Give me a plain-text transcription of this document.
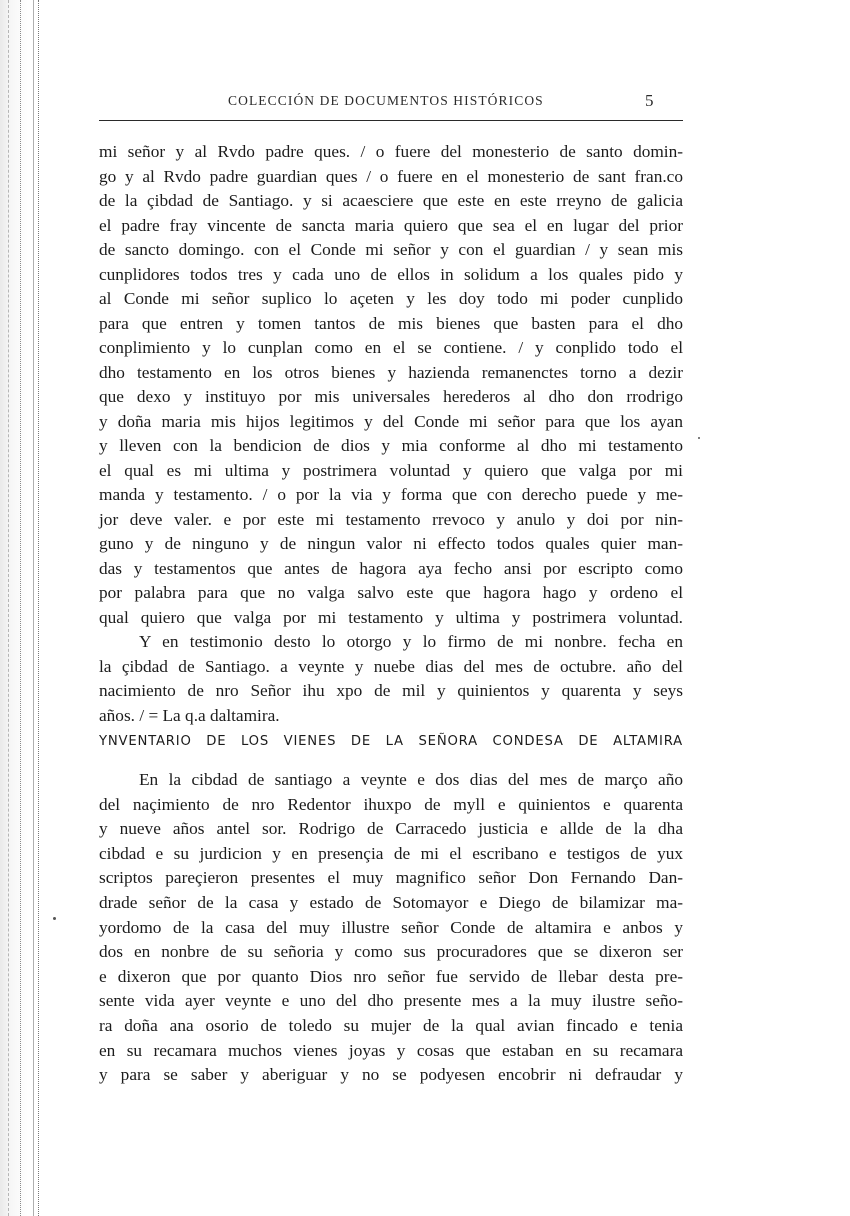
COLECCIÓN DE DOCUMENTOS HISTÓRICOS	5
mi señor y al Rvdo padre ques. / o fuere del monesterio de santo domin-
go y al Rvdo padre guardian ques / o fuere en el monesterio de sant fran.co
de la çibdad de Santiago. y si acaesciere que este en este rreyno de galicia
el padre fray vincente de sancta maria quiero que sea el en lugar del prior
de sancto domingo. con el Conde mi señor y con el guardian / y sean mis
cunplidores todos tres y cada uno de ellos in solidum a los quales pido y
al Conde mi señor suplico lo açeten y les doy todo mi poder cunplido
para que entren y tomen tantos de mis bienes que basten para el dho
conplimiento y lo cunplan como en el se contiene. / y conplido todo el
dho testamento en los otros bienes y hazienda remanenctes torno a dezir
que dexo y instituyo por mis universales herederos al dho don rrodrigo
y doña maria mis hijos legitimos y del Conde mi señor para que los ayan
y lleven con la bendicion de dios y mia conforme al dho mi testamento
el qual es mi ultima y postrimera voluntad y quiero que valga por mi
manda y testamento. / o por la via y forma que con derecho puede y me-
jor deve valer. e por este mi testamento rrevoco y anulo y doi por nin-
guno y de ninguno y de ningun valor ni effecto todos quales quier man-
das y testamentos que antes de hagora aya fecho ansi por escripto como
por palabra para que no valga salvo este que hagora hago y ordeno el
qual quiero que valga por mi testamento y ultima y postrimera voluntad.
Y en testimonio desto lo otorgo y lo firmo de mi nonbre. fecha en
la çibdad de Santiago. a veynte y nuebe dias del mes de octubre. año del
nacimiento de nro Señor ihu xpo de mil y quinientos y quarenta y seys
años. / = La q.a daltamira.
YNVENTARIO DE LOS VIENES DE LA SEÑORA CONDESA DE ALTAMIRA
En la cibdad de santiago a veynte e dos dias del mes de março año
del naçimiento de nro Redentor ihuxpo de myll e quinientos e quarenta
y nueve años antel sor. Rodrigo de Carracedo justicia e allde de la dha
cibdad e su jurdicion y en presençia de mi el escribano e testigos de yux
scriptos pareçieron presentes el muy magnifico señor Don Fernando Dan-
drade señor de la casa y estado de Sotomayor e Diego de bilamizar ma-
yordomo de la casa del muy illustre señor Conde de altamira e anbos y
dos en nonbre de su señoria y como sus procuradores que se dixeron ser
e dixeron que por quanto Dios nro señor fue servido de llebar desta pre-
sente vida ayer veynte e uno del dho presente mes a la muy ilustre seño-
ra doña ana osorio de toledo su mujer de la qual avian fincado e tenia
en su recamara muchos vienes joyas y cosas que estaban en su recamara
y para se saber y aberiguar y no se podyesen encobrir ni defraudar y
